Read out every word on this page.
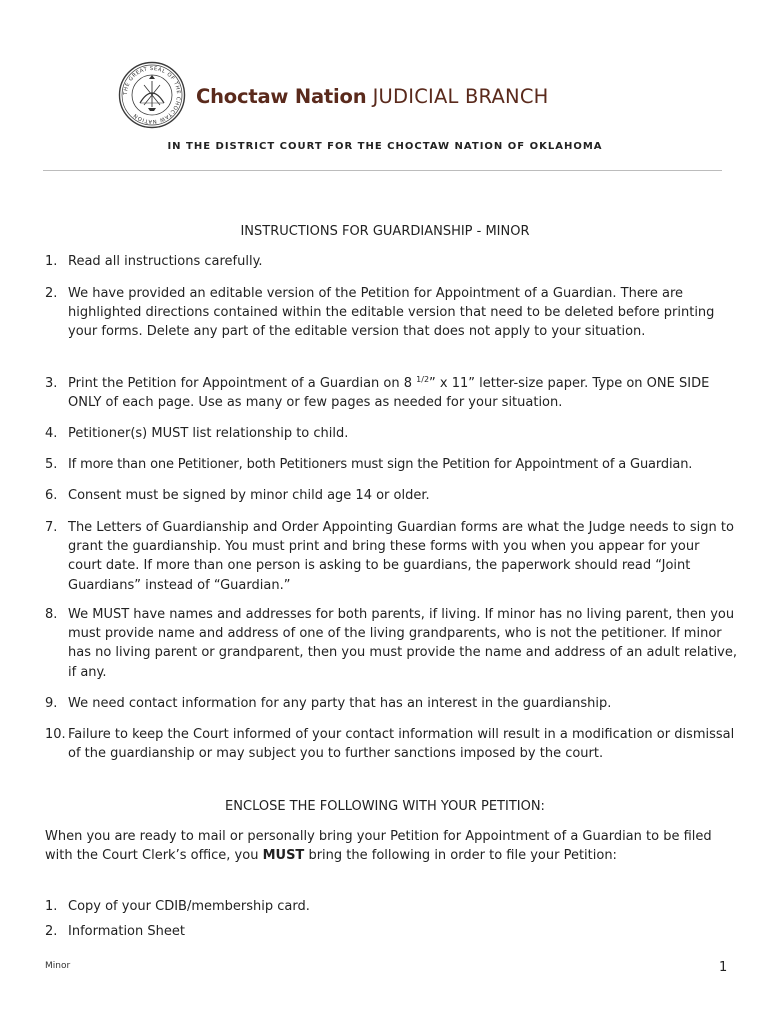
THE GREAT SEAL OF THE CHOCTAW NATION
Choctaw Nation JUDICIAL BRANCH
IN THE DISTRICT COURT FOR THE CHOCTAW NATION OF OKLAHOMA
INSTRUCTIONS FOR GUARDIANSHIP - MINOR
1. Read all instructions carefully.
2. We have provided an editable version of the Petition for Appointment of a Guardian. There are highlighted directions contained within the editable version that need to be deleted before printing your forms. Delete any part of the editable version that does not apply to your situation.
3. Print the Petition for Appointment of a Guardian on 8 $^{1/2}$” x 11” letter-size paper. Type on ONE SIDE ONLY of each page. Use as many or few pages as needed for your situation.
4. Petitioner(s) MUST list relationship to child.
5. If more than one Petitioner, both Petitioners must sign the Petition for Appointment of a Guardian.
6. Consent must be signed by minor child age 14 or older.
7. The Letters of Guardianship and Order Appointing Guardian forms are what the Judge needs to sign to grant the guardianship. You must print and bring these forms with you when you appear for your court date. If more than one person is asking to be guardians, the paperwork should read “Joint Guardians” instead of “Guardian.”
8. We MUST have names and addresses for both parents, if living. If minor has no living parent, then you must provide name and address of one of the living grandparents, who is not the petitioner. If minor has no living parent or grandparent, then you must provide the name and address of an adult relative, if any.
9. We need contact information for any party that has an interest in the guardianship.
10. Failure to keep the Court informed of your contact information will result in a modification or dismissal of the guardianship or may subject you to further sanctions imposed by the court.
ENCLOSE THE FOLLOWING WITH YOUR PETITION:
When you are ready to mail or personally bring your Petition for Appointment of a Guardian to be filed with the Court Clerk’s office, you MUST bring the following in order to file your Petition:
1. Copy of your CDIB/membership card.
2. Information Sheet
Minor	1
